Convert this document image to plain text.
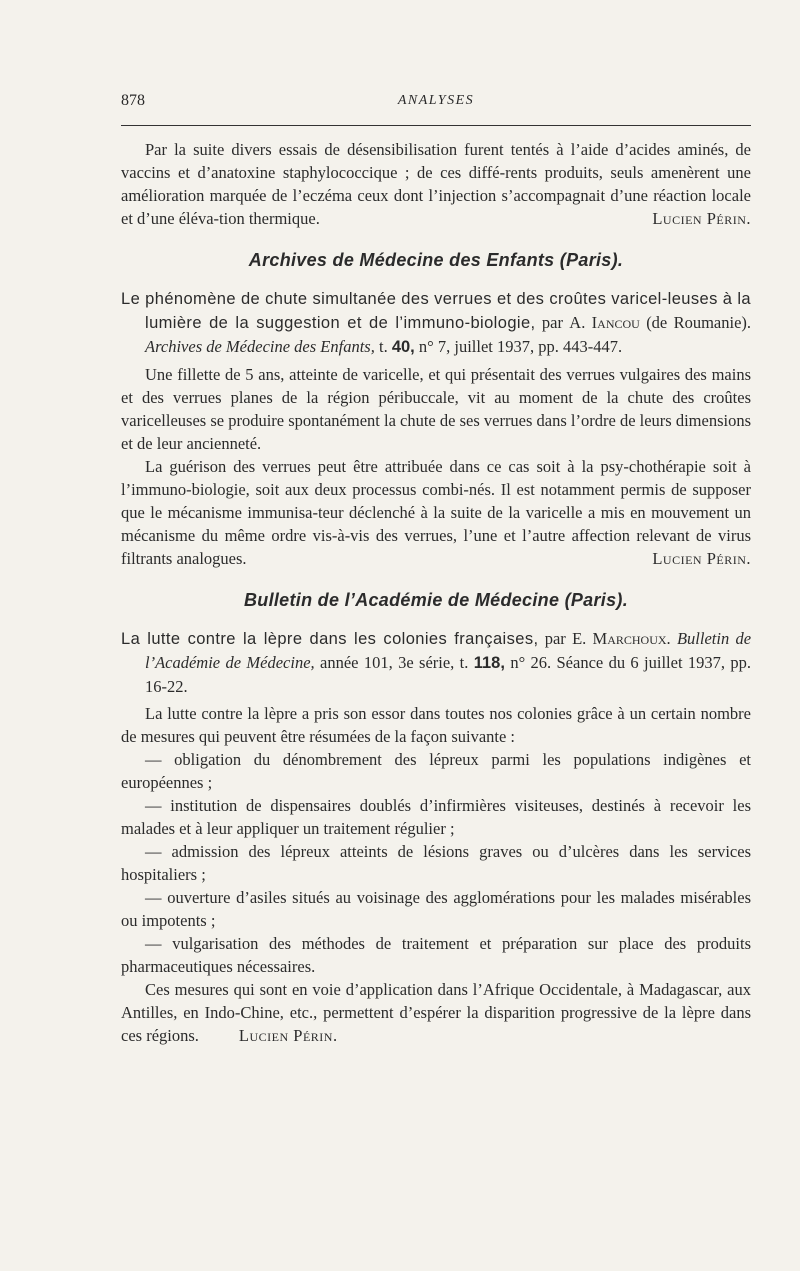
878	ANALYSES

Par la suite divers essais de désensibilisation furent tentés à l’aide d’acides aminés, de vaccins et d’anatoxine staphylococcique ; de ces diffé-rents produits, seuls amenèrent une amélioration marquée de l’eczéma ceux dont l’injection s’accompagnait d’une réaction locale et d’une éléva-tion thermique.	Lucien Périn.

Archives de Médecine des Enfants (Paris).

Le phénomène de chute simultanée des verrues et des croûtes varicel-leuses à la lumière de la suggestion et de l’immuno-biologie, par A. Iancou (de Roumanie). Archives de Médecine des Enfants, t. 40, n° 7, juillet 1937, pp. 443-447.

Une fillette de 5 ans, atteinte de varicelle, et qui présentait des verrues vulgaires des mains et des verrues planes de la région péribuccale, vit au moment de la chute des croûtes varicelleuses se produire spontanément la chute de ses verrues dans l’ordre de leurs dimensions et de leur ancienneté.

La guérison des verrues peut être attribuée dans ce cas soit à la psy-chothérapie soit à l’immuno-biologie, soit aux deux processus combi-nés. Il est notamment permis de supposer que le mécanisme immunisa-teur déclenché à la suite de la varicelle a mis en mouvement un mécanisme du même ordre vis-à-vis des verrues, l’une et l’autre affection relevant de virus filtrants analogues.	Lucien Périn.

Bulletin de l’Académie de Médecine (Paris).

La lutte contre la lèpre dans les colonies françaises, par E. Marchoux. Bulletin de l’Académie de Médecine, année 101, 3e série, t. 118, n° 26. Séance du 6 juillet 1937, pp. 16-22.

La lutte contre la lèpre a pris son essor dans toutes nos colonies grâce à un certain nombre de mesures qui peuvent être résumées de la façon suivante :

— obligation du dénombrement des lépreux parmi les populations indigènes et européennes ;

— institution de dispensaires doublés d’infirmières visiteuses, destinés à recevoir les malades et à leur appliquer un traitement régulier ;

— admission des lépreux atteints de lésions graves ou d’ulcères dans les services hospitaliers ;

— ouverture d’asiles situés au voisinage des agglomérations pour les malades misérables ou impotents ;

— vulgarisation des méthodes de traitement et préparation sur place des produits pharmaceutiques nécessaires.

Ces mesures qui sont en voie d’application dans l’Afrique Occidentale, à Madagascar, aux Antilles, en Indo-Chine, etc., permettent d’espérer la disparition progressive de la lèpre dans ces régions. Lucien Périn.
